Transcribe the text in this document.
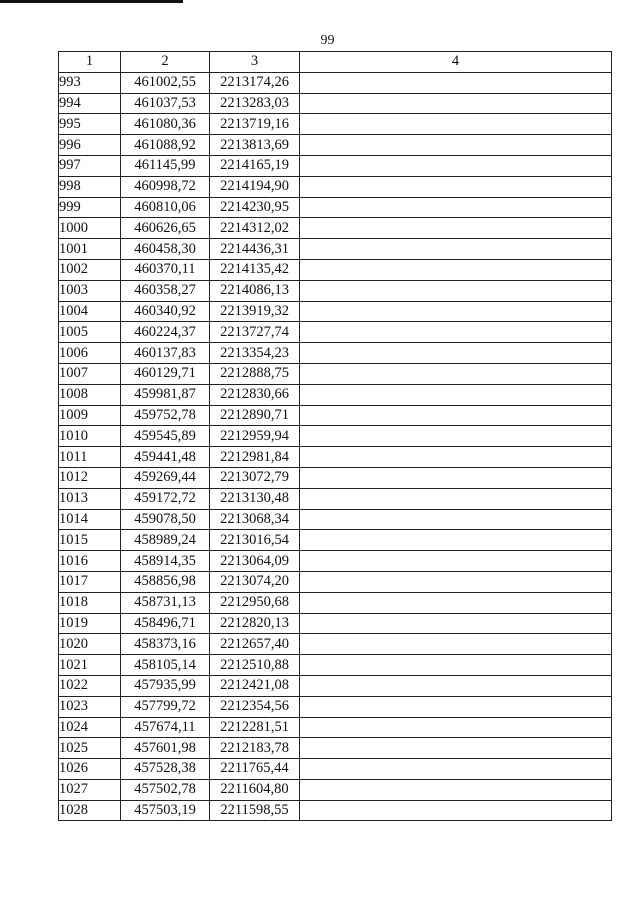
99
1	2	3	4
993	461002,55	2213174,26	
994	461037,53	2213283,03	
995	461080,36	2213719,16	
996	461088,92	2213813,69	
997	461145,99	2214165,19	
998	460998,72	2214194,90	
999	460810,06	2214230,95	
1000	460626,65	2214312,02	
1001	460458,30	2214436,31	
1002	460370,11	2214135,42	
1003	460358,27	2214086,13	
1004	460340,92	2213919,32	
1005	460224,37	2213727,74	
1006	460137,83	2213354,23	
1007	460129,71	2212888,75	
1008	459981,87	2212830,66	
1009	459752,78	2212890,71	
1010	459545,89	2212959,94	
1011	459441,48	2212981,84	
1012	459269,44	2213072,79	
1013	459172,72	2213130,48	
1014	459078,50	2213068,34	
1015	458989,24	2213016,54	
1016	458914,35	2213064,09	
1017	458856,98	2213074,20	
1018	458731,13	2212950,68	
1019	458496,71	2212820,13	
1020	458373,16	2212657,40	
1021	458105,14	2212510,88	
1022	457935,99	2212421,08	
1023	457799,72	2212354,56	
1024	457674,11	2212281,51	
1025	457601,98	2212183,78	
1026	457528,38	2211765,44	
1027	457502,78	2211604,80	
1028	457503,19	2211598,55	
